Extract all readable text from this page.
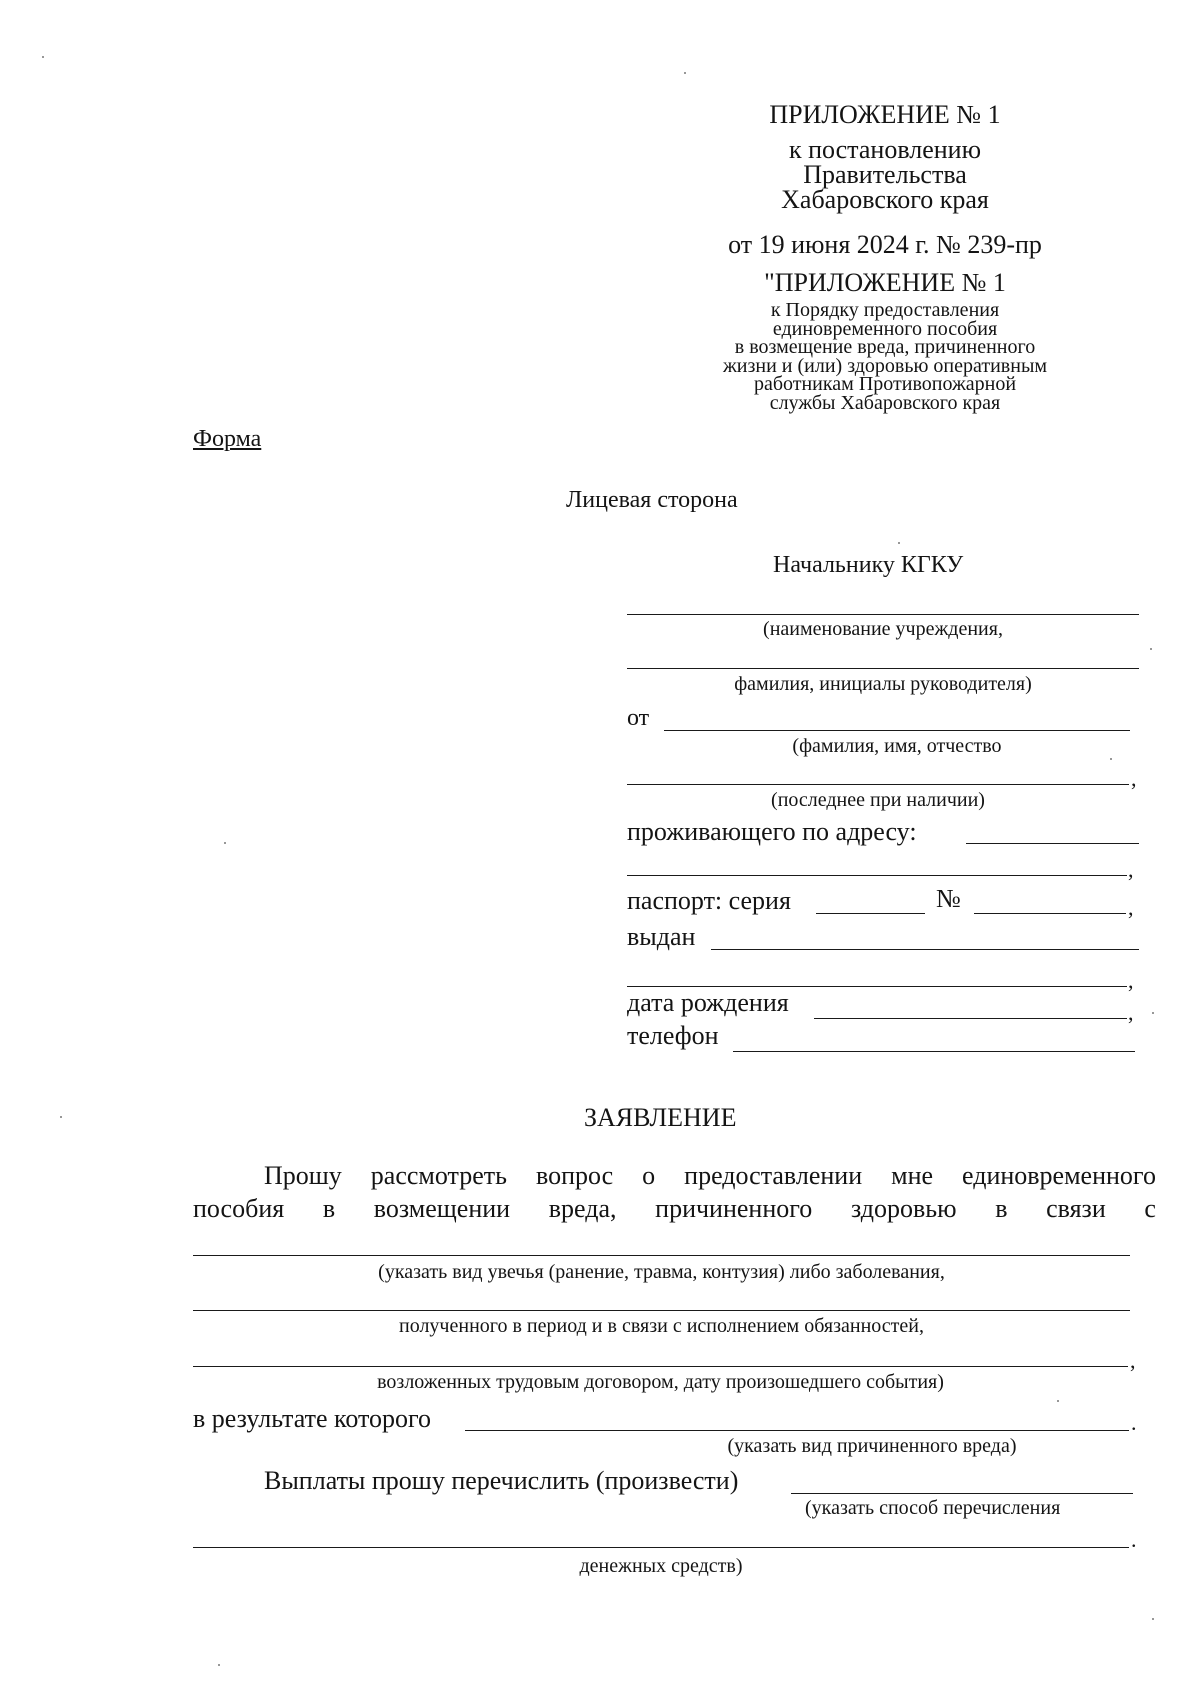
ПРИЛОЖЕНИЕ № 1
к постановлению
Правительства
Хабаровского края
от 19 июня 2024 г. № 239-пр
"ПРИЛОЖЕНИЕ № 1
к Порядку предоставления
единовременного пособия
в возмещение вреда, причиненного
жизни и (или) здоровью оперативным
работникам Противопожарной
службы Хабаровского края
Форма
Лицевая сторона
Начальнику КГКУ
(наименование учреждения,
фамилия, инициалы руководителя)
от
(фамилия, имя, отчество
,
(последнее при наличии)
проживающего по адресу:
,
паспорт: серия	№	,
выдан
,
дата рождения	,
телефон
ЗАЯВЛЕНИЕ
Прошу рассмотреть вопрос о предоставлении мне единовременного
пособия в возмещении вреда, причиненного здоровью в связи с
(указать вид увечья (ранение, травма, контузия) либо заболевания,
полученного в период и в связи с исполнением обязанностей,
,
возложенных трудовым договором, дату произошедшего события)
в результате которого	.
(указать вид причиненного вреда)
Выплаты прошу перечислить (произвести)
(указать способ перечисления
.
денежных средств)
